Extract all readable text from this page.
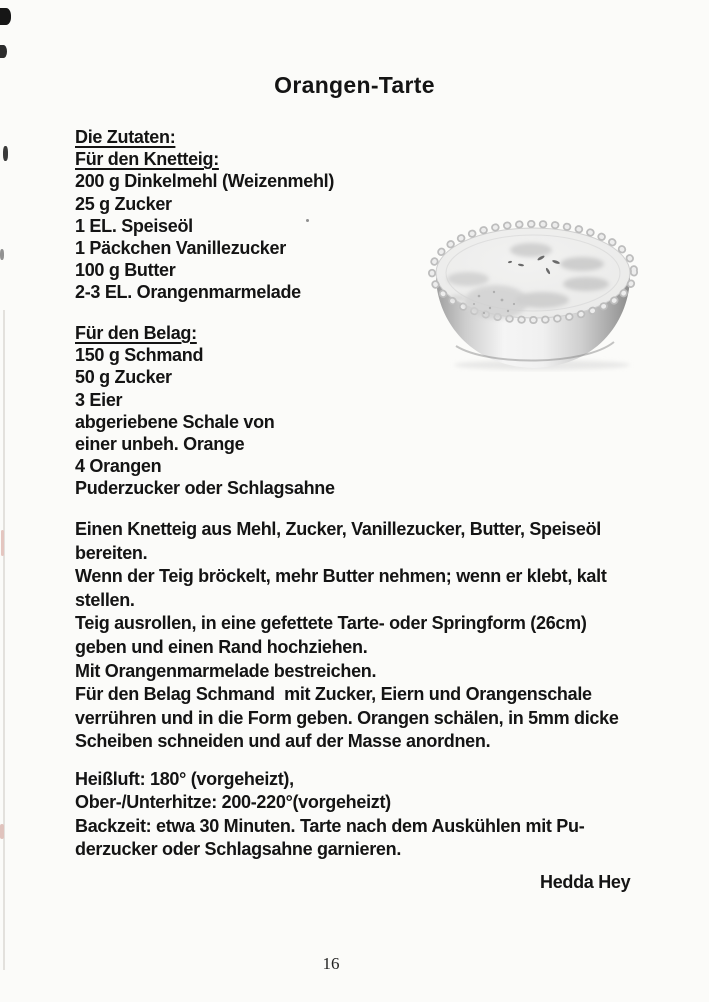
Orangen-Tarte
Die Zutaten:
Für den Knetteig:
200 g Dinkelmehl (Weizenmehl)
25 g Zucker
1 EL. Speiseöl
1 Päckchen Vanillezucker
100 g Butter
2-3 EL. Orangenmarmelade
Für den Belag:
150 g Schmand
50 g Zucker
3 Eier
abgeriebene Schale von
einer unbeh. Orange
4 Orangen
Puderzucker oder Schlagsahne
Einen Knetteig aus Mehl, Zucker, Vanillezucker, Butter, Speiseöl
bereiten.
Wenn der Teig bröckelt, mehr Butter nehmen; wenn er klebt, kalt
stellen.
Teig ausrollen, in eine gefettete Tarte- oder Springform (26cm)
geben und einen Rand hochziehen.
Mit Orangenmarmelade bestreichen.
Für den Belag Schmand  mit Zucker, Eiern und Orangenschale
verrühren und in die Form geben. Orangen schälen, in 5mm dicke
Scheiben schneiden und auf der Masse anordnen.
Heißluft: 180° (vorgeheizt),
Ober-/Unterhitze: 200-220°(vorgeheizt)
Backzeit: etwa 30 Minuten. Tarte nach dem Auskühlen mit Pu-
derzucker oder Schlagsahne garnieren.
Hedda Hey
16
